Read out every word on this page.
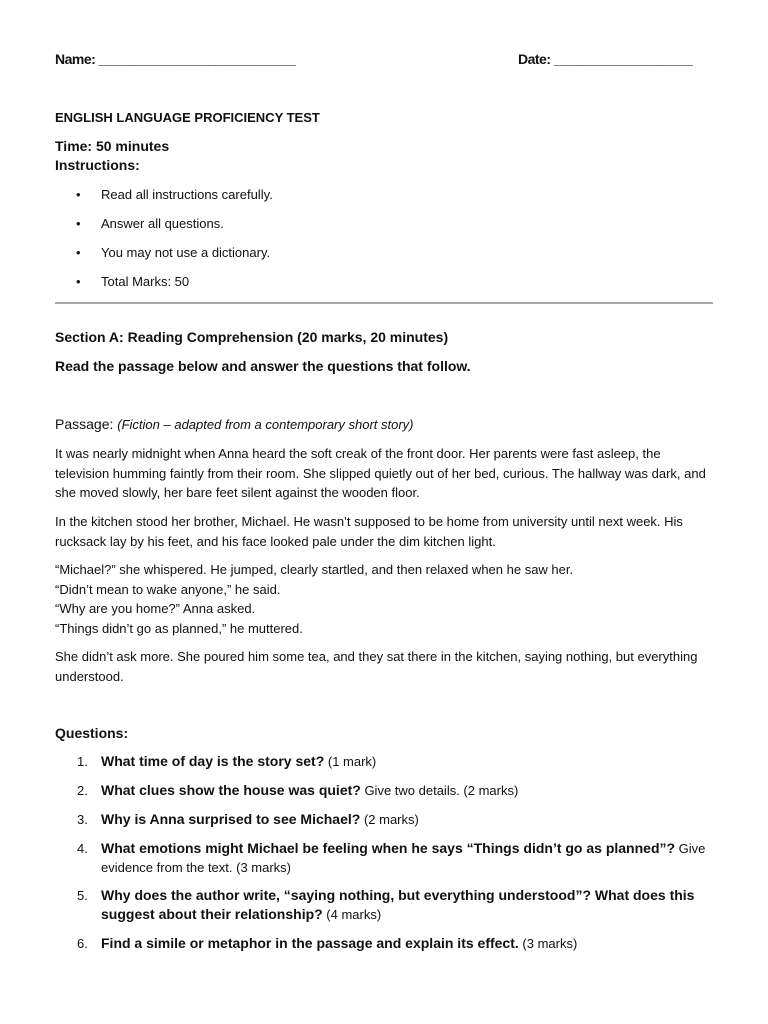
Name: ___________________________	Date: ___________________
ENGLISH LANGUAGE PROFICIENCY TEST
Time: 50 minutes
Instructions:
• Read all instructions carefully.
• Answer all questions.
• You may not use a dictionary.
• Total Marks: 50
Section A: Reading Comprehension (20 marks, 20 minutes)
Read the passage below and answer the questions that follow.
Passage: (Fiction – adapted from a contemporary short story)

It was nearly midnight when Anna heard the soft creak of the front door. Her parents were fast asleep, the television humming faintly from their room. She slipped quietly out of her bed, curious. The hallway was dark, and she moved slowly, her bare feet silent against the wooden floor.

In the kitchen stood her brother, Michael. He wasn’t supposed to be home from university until next week. His rucksack lay by his feet, and his face looked pale under the dim kitchen light.

“Michael?” she whispered. He jumped, clearly startled, and then relaxed when he saw her.
“Didn’t mean to wake anyone,” he said.
“Why are you home?” Anna asked.
“Things didn’t go as planned,” he muttered.

She didn’t ask more. She poured him some tea, and they sat there in the kitchen, saying nothing, but everything understood.

Questions:
1. What time of day is the story set? (1 mark)
2. What clues show the house was quiet? Give two details. (2 marks)
3. Why is Anna surprised to see Michael? (2 marks)
4. What emotions might Michael be feeling when he says “Things didn’t go as planned”? Give evidence from the text. (3 marks)
5. Why does the author write, “saying nothing, but everything understood”? What does this suggest about their relationship? (4 marks)
6. Find a simile or metaphor in the passage and explain its effect. (3 marks)
